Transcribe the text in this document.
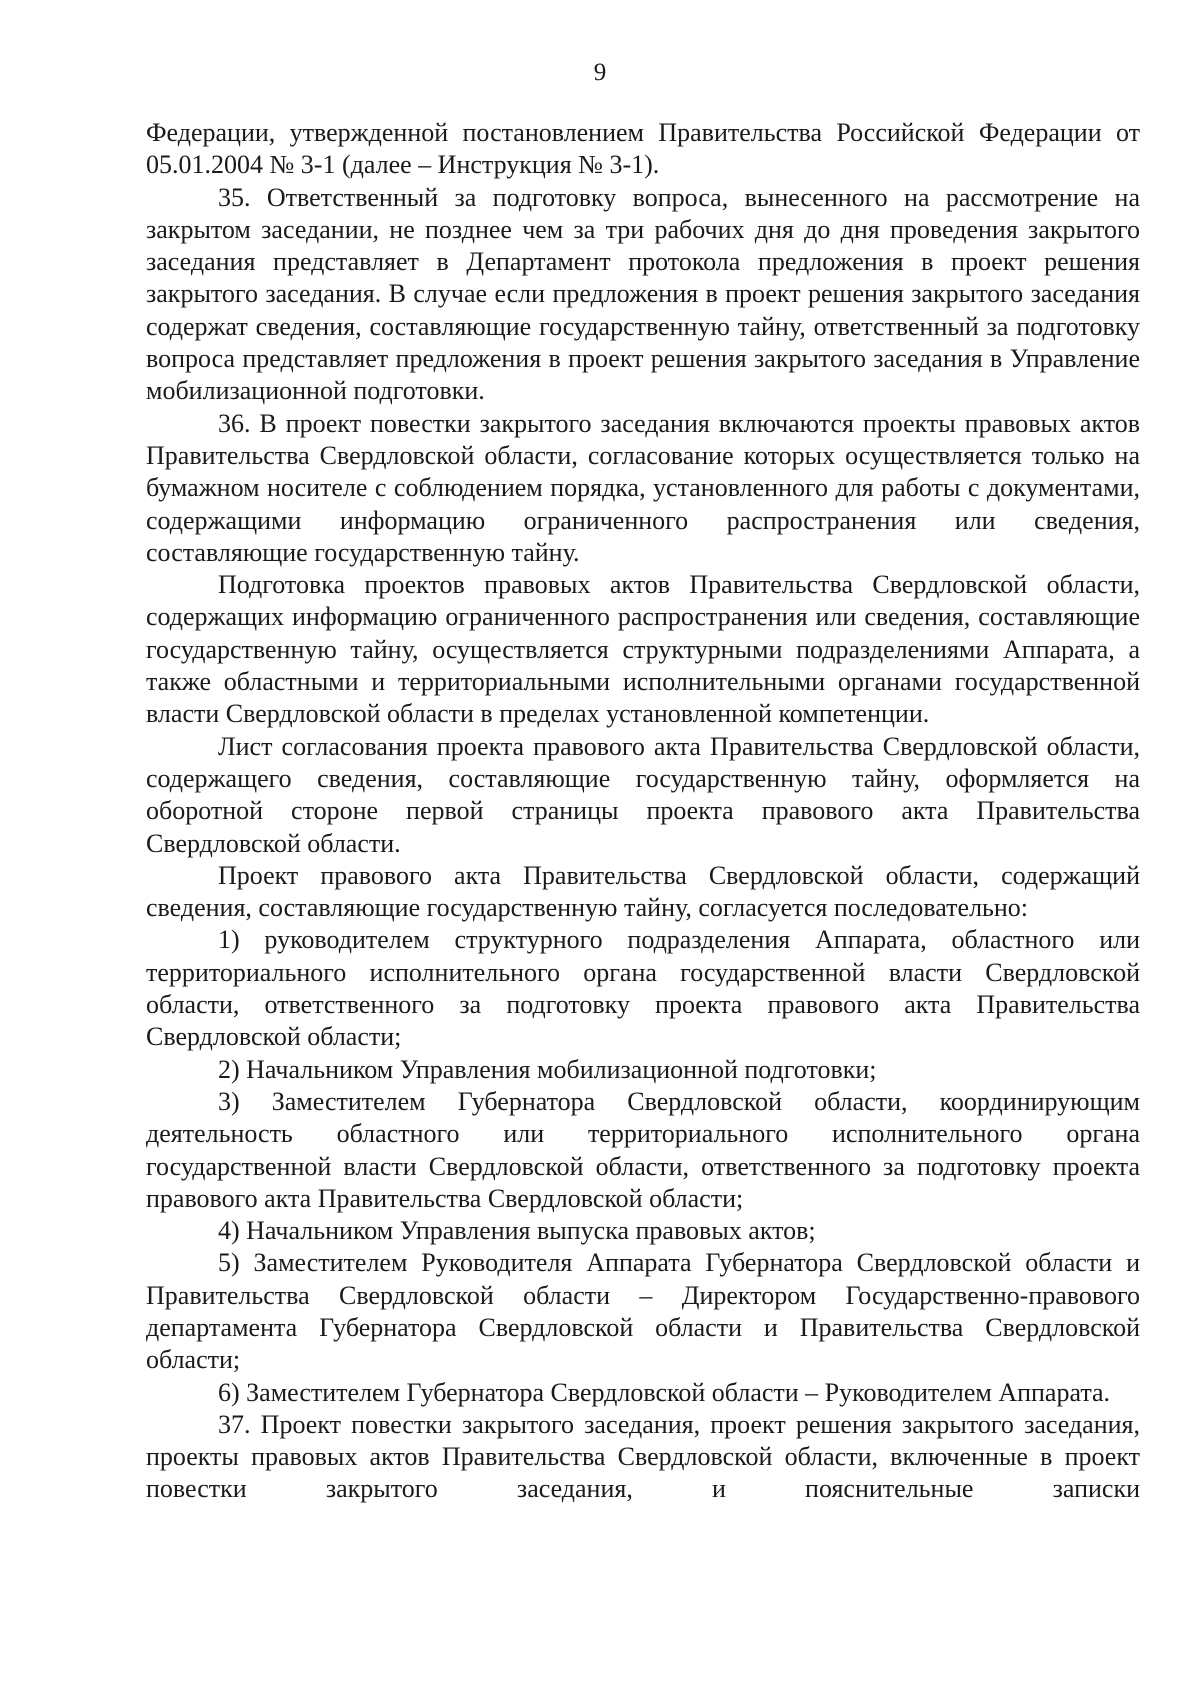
9

Федерации, утвержденной постановлением Правительства Российской Федерации от 05.01.2004 № 3-1 (далее – Инструкция № 3-1).

35. Ответственный за подготовку вопроса, вынесенного на рассмотрение на закрытом заседании, не позднее чем за три рабочих дня до дня проведения закрытого заседания представляет в Департамент протокола предложения в проект решения закрытого заседания. В случае если предложения в проект решения закрытого заседания содержат сведения, составляющие государственную тайну, ответственный за подготовку вопроса представляет предложения в проект решения закрытого заседания в Управление мобилизационной подготовки.

36. В проект повестки закрытого заседания включаются проекты правовых актов Правительства Свердловской области, согласование которых осуществляется только на бумажном носителе с соблюдением порядка, установленного для работы с документами, содержащими информацию ограниченного распространения или сведения, составляющие государственную тайну.

Подготовка проектов правовых актов Правительства Свердловской области, содержащих информацию ограниченного распространения или сведения, составляющие государственную тайну, осуществляется структурными подразделениями Аппарата, а также областными и территориальными исполнительными органами государственной власти Свердловской области в пределах установленной компетенции.

Лист согласования проекта правового акта Правительства Свердловской области, содержащего сведения, составляющие государственную тайну, оформляется на оборотной стороне первой страницы проекта правового акта Правительства Свердловской области.

Проект правового акта Правительства Свердловской области, содержащий сведения, составляющие государственную тайну, согласуется последовательно:

1) руководителем структурного подразделения Аппарата, областного или территориального исполнительного органа государственной власти Свердловской области, ответственного за подготовку проекта правового акта Правительства Свердловской области;

2) Начальником Управления мобилизационной подготовки;

3) Заместителем Губернатора Свердловской области, координирующим деятельность областного или территориального исполнительного органа государственной власти Свердловской области, ответственного за подготовку проекта правового акта Правительства Свердловской области;

4) Начальником Управления выпуска правовых актов;

5) Заместителем Руководителя Аппарата Губернатора Свердловской области и Правительства Свердловской области – Директором Государственно-правового департамента Губернатора Свердловской области и Правительства Свердловской области;

6) Заместителем Губернатора Свердловской области – Руководителем Аппарата.

37. Проект повестки закрытого заседания, проект решения закрытого заседания, проекты правовых актов Правительства Свердловской области, включенные в проект повестки закрытого заседания, и пояснительные записки
